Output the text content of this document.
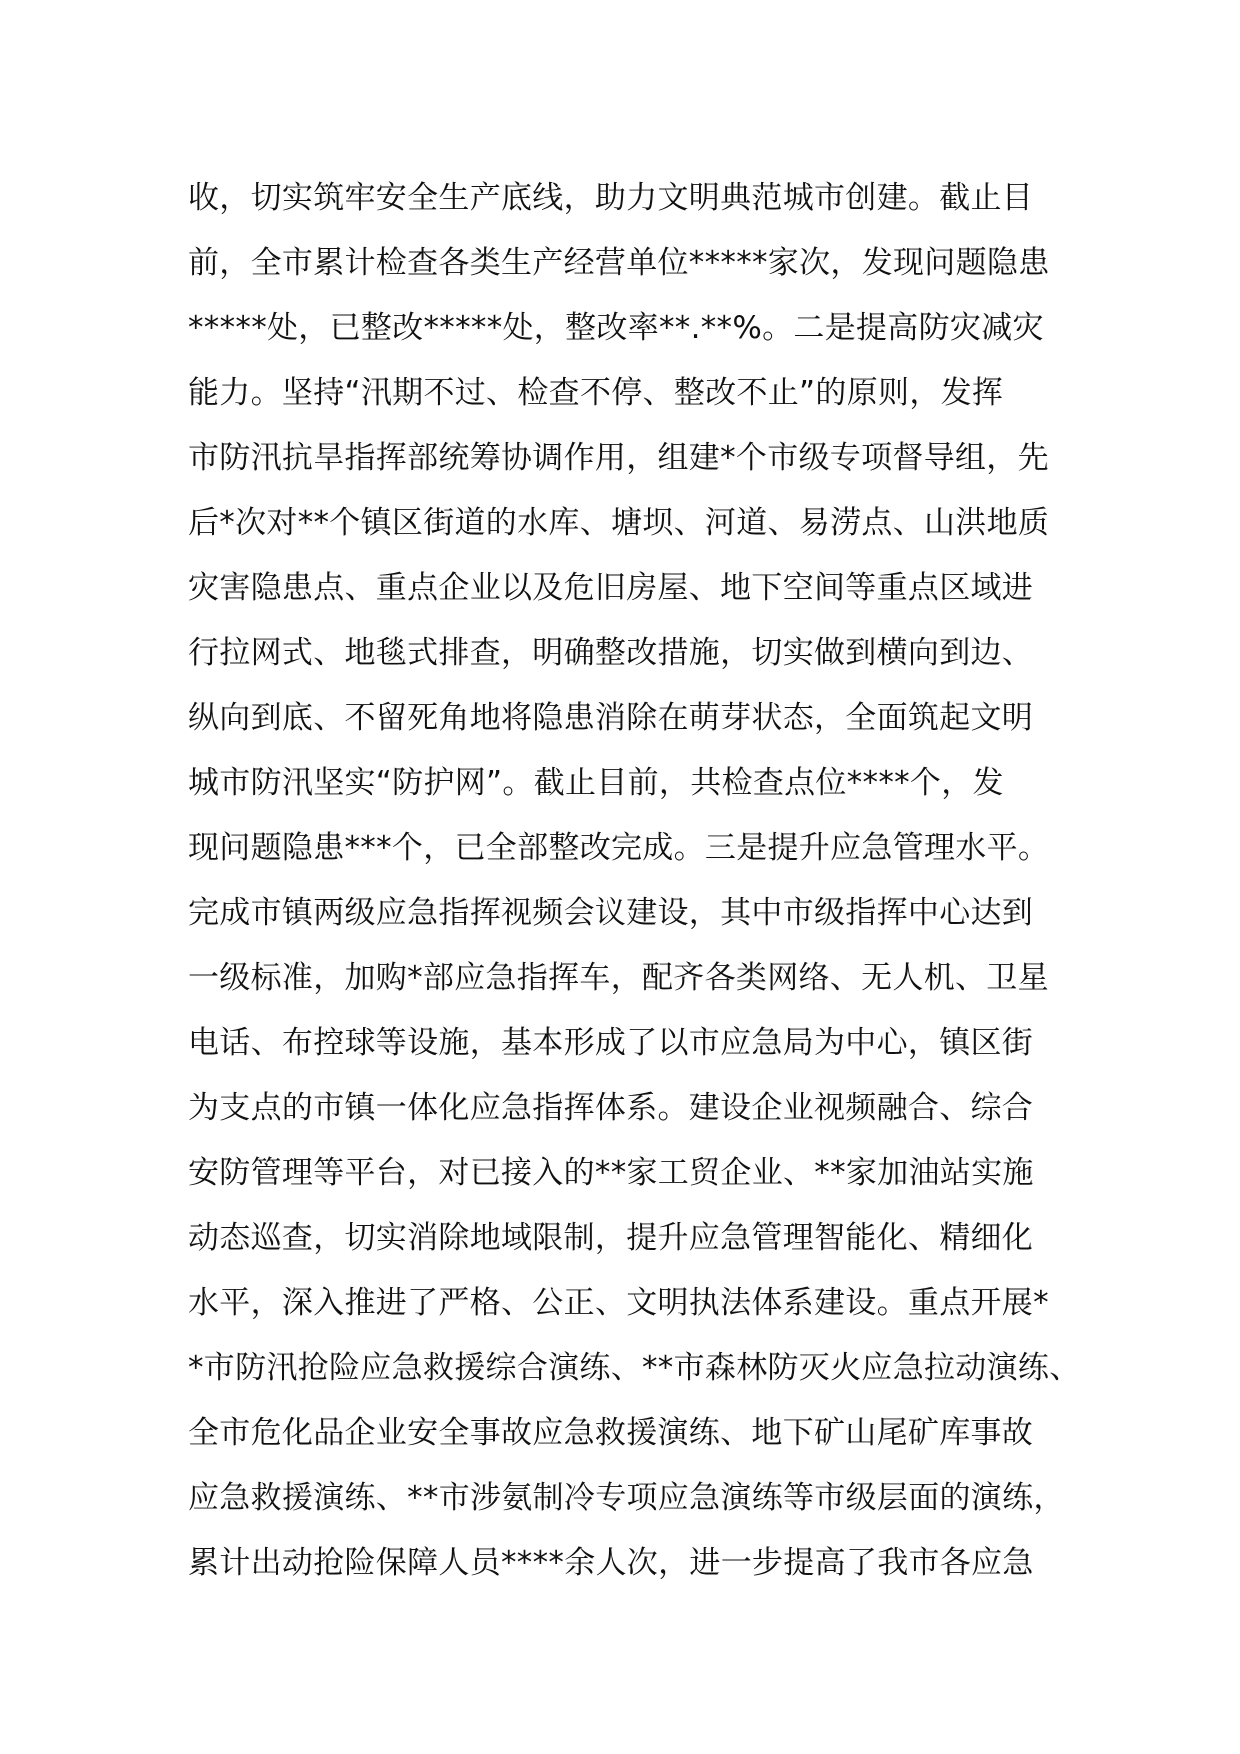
收，切实筑牢安全生产底线，助力文明典范城市创建。截止目
前，全市累计检查各类生产经营单位*****家次，发现问题隐患
*****处，已整改*****处，整改率**.**%。二是提高防灾减灾
能力。坚持“汛期不过、检查不停、整改不止”的原则，发挥
市防汛抗旱指挥部统筹协调作用，组建*个市级专项督导组，先
后*次对**个镇区街道的水库、塘坝、河道、易涝点、山洪地质
灾害隐患点、重点企业以及危旧房屋、地下空间等重点区域进
行拉网式、地毯式排查，明确整改措施，切实做到横向到边、
纵向到底、不留死角地将隐患消除在萌芽状态，全面筑起文明
城市防汛坚实“防护网”。截止目前，共检查点位****个，发
现问题隐患***个，已全部整改完成。三是提升应急管理水平。
完成市镇两级应急指挥视频会议建设，其中市级指挥中心达到
一级标准，加购*部应急指挥车，配齐各类网络、无人机、卫星
电话、布控球等设施，基本形成了以市应急局为中心，镇区街
为支点的市镇一体化应急指挥体系。建设企业视频融合、综合
安防管理等平台，对已接入的**家工贸企业、**家加油站实施
动态巡查，切实消除地域限制，提升应急管理智能化、精细化
水平，深入推进了严格、公正、文明执法体系建设。重点开展*
*市防汛抢险应急救援综合演练、**市森林防灭火应急拉动演练、
全市危化品企业安全事故应急救援演练、地下矿山尾矿库事故
应急救援演练、**市涉氨制冷专项应急演练等市级层面的演练，
累计出动抢险保障人员****余人次，进一步提高了我市各应急
